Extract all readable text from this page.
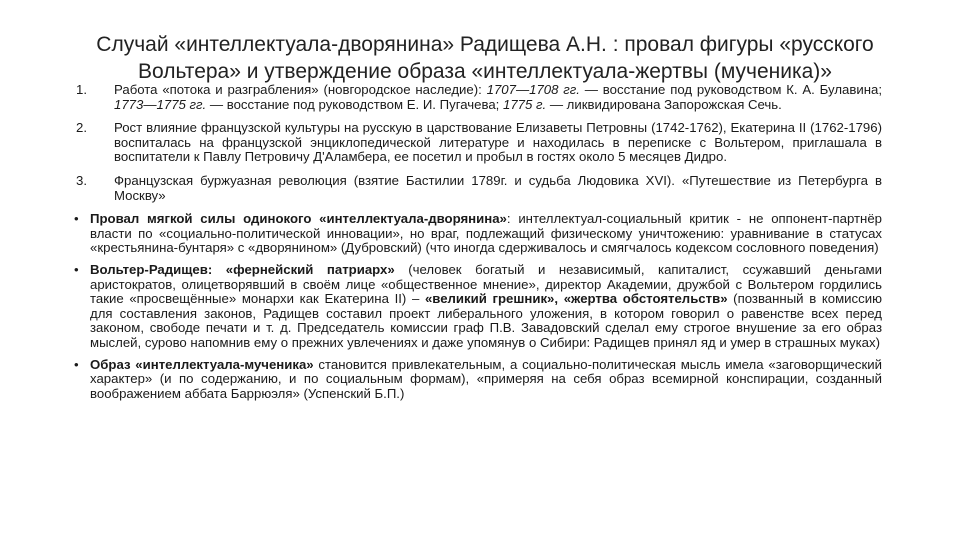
Случай «интеллектуала-дворянина» Радищева А.Н. : провал фигуры «русского Вольтера» и утверждение образа «интеллектуала-жертвы (мученика)»
1. Работа «потока и разграбления» (новгородское наследие): 1707—1708 гг. — восстание под руководством К. А. Булавина; 1773—1775 гг. — восстание под руководством Е. И. Пугачева; 1775 г. — ликвидирована Запорожская Сечь.
2. Рост влияние французской культуры на русскую в царствование Елизаветы Петровны (1742-1762), Екатерина II (1762-1796) воспиталась на французской энциклопедической литературе и находилась в переписке с Вольтером, приглашала в воспитатели к Павлу Петровичу Д'Аламбера, ее посетил и пробыл в гостях около 5 месяцев Дидро.
3. Французская буржуазная революция (взятие Бастилии 1789г. и судьба Людовика XVI). «Путешествие из Петербурга в Москву»
• Провал мягкой силы одинокого «интеллектуала-дворянина»: интеллектуал-социальный критик - не оппонент-партнёр власти по «социально-политической инновации», но враг, подлежащий физическому уничтожению: уравнивание в статусах «крестьянина-бунтаря» с «дворянином» (Дубровский) (что иногда сдерживалось и смягчалось кодексом сословного поведения)
• Вольтер-Радищев: «фернейский патриарх» (человек богатый и независимый, капиталист, ссужавший деньгами аристократов, олицетворявший в своём лице «общественное мнение», директор Академии, дружбой с Вольтером гордились такие «просвещённые» монархи как Екатерина II) – «великий грешник», «жертва обстоятельств» (позванный в комиссию для составления законов, Радищев составил проект либерального уложения, в котором говорил о равенстве всех перед законом, свободе печати и т. д. Председатель комиссии граф П.В. Завадовский сделал ему строгое внушение за его образ мыслей, сурово напомнив ему о прежних увлечениях и даже упомянув о Сибири: Радищев принял яд и умер в страшных муках)
• Образ «интеллектуала-мученика» становится привлекательным, а социально-политическая мысль имела «заговорщический характер» (и по содержанию, и по социальным формам), «примеряя на себя образ всемирной конспирации, созданный воображением аббата Баррюэля» (Успенский Б.П.)
